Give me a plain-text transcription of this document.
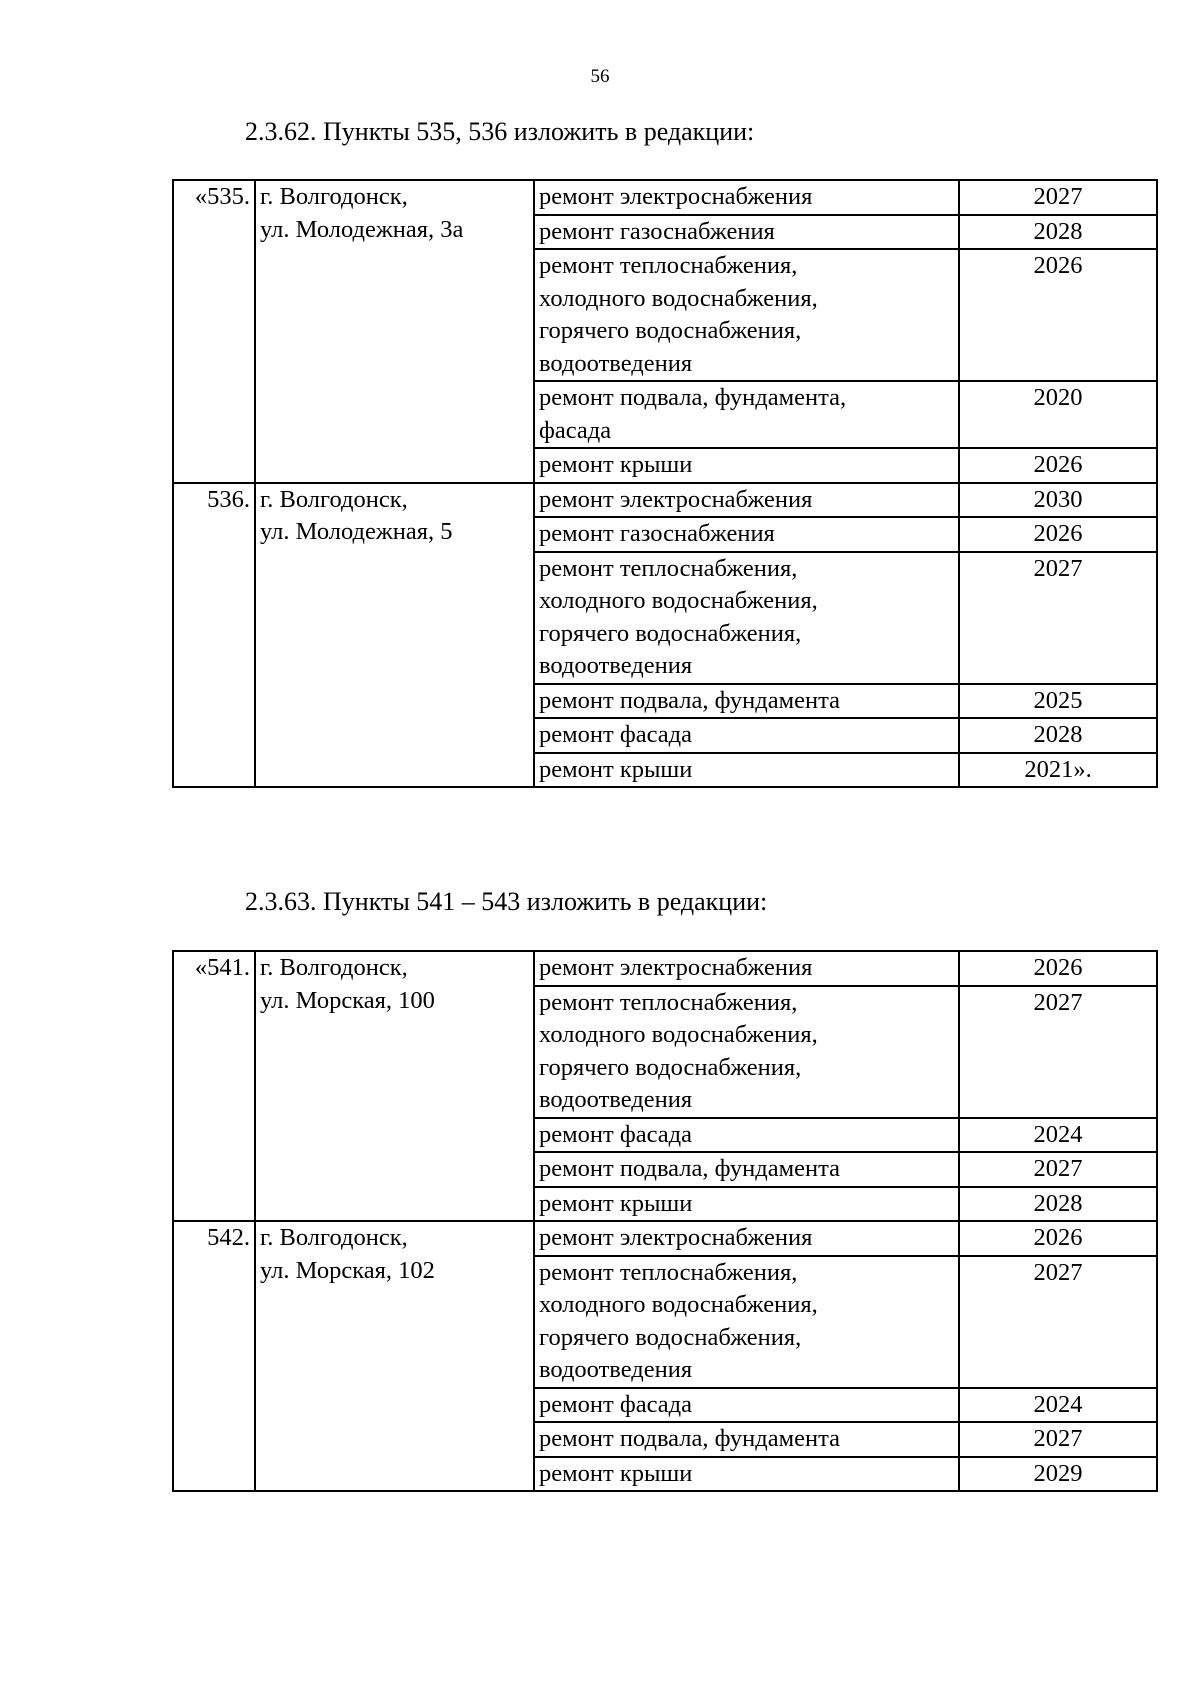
56
2.3.62. Пункты 535, 536 изложить в редакции:
«535.	г. Волгодонск,
ул. Молодежная, 3а	ремонт электроснабжения	2027
		ремонт газоснабжения	2028
		ремонт теплоснабжения,
холодного водоснабжения,
горячего водоснабжения,
водоотведения	2026
		ремонт подвала, фундамента,
фасада	2020
		ремонт крыши	2026
536.	г. Волгодонск,
ул. Молодежная, 5	ремонт электроснабжения	2030
		ремонт газоснабжения	2026
		ремонт теплоснабжения,
холодного водоснабжения,
горячего водоснабжения,
водоотведения	2027
		ремонт подвала, фундамента	2025
		ремонт фасада	2028
		ремонт крыши	2021».
2.3.63. Пункты 541 – 543 изложить в редакции:
«541.	г. Волгодонск,
ул. Морская, 100	ремонт электроснабжения	2026
		ремонт теплоснабжения,
холодного водоснабжения,
горячего водоснабжения,
водоотведения	2027
		ремонт фасада	2024
		ремонт подвала, фундамента	2027
		ремонт крыши	2028
542.	г. Волгодонск,
ул. Морская, 102	ремонт электроснабжения	2026
		ремонт теплоснабжения,
холодного водоснабжения,
горячего водоснабжения,
водоотведения	2027
		ремонт фасада	2024
		ремонт подвала, фундамента	2027
		ремонт крыши	2029
